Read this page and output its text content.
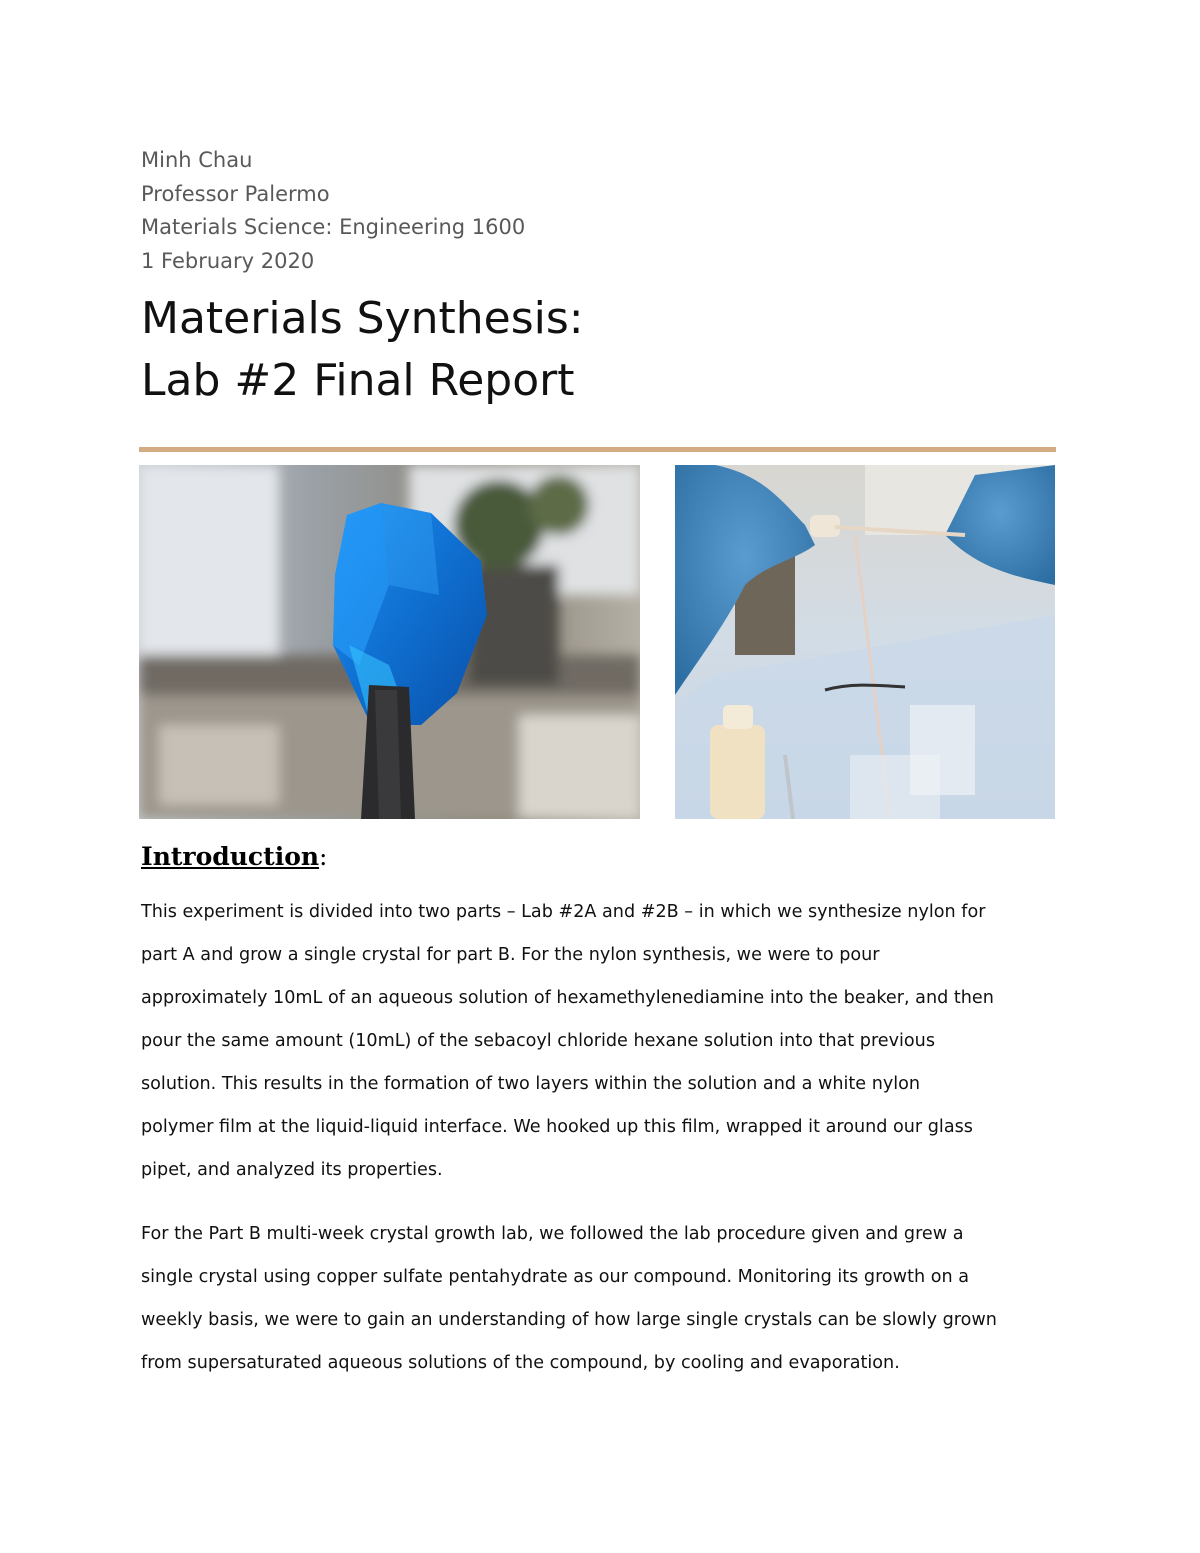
Minh Chau
Professor Palermo
Materials Science: Engineering 1600
1 February 2020
Materials Synthesis:
Lab #2 Final Report
Introduction:
This experiment is divided into two parts – Lab #2A and #2B – in which we synthesize nylon for
part A and grow a single crystal for part B. For the nylon synthesis, we were to pour
approximately 10mL of an aqueous solution of hexamethylenediamine into the beaker, and then
pour the same amount (10mL) of the sebacoyl chloride hexane solution into that previous
solution. This results in the formation of two layers within the solution and a white nylon
polymer film at the liquid-liquid interface. We hooked up this film, wrapped it around our glass
pipet, and analyzed its properties.
For the Part B multi-week crystal growth lab, we followed the lab procedure given and grew a
single crystal using copper sulfate pentahydrate as our compound. Monitoring its growth on a
weekly basis, we were to gain an understanding of how large single crystals can be slowly grown
from supersaturated aqueous solutions of the compound, by cooling and evaporation.
